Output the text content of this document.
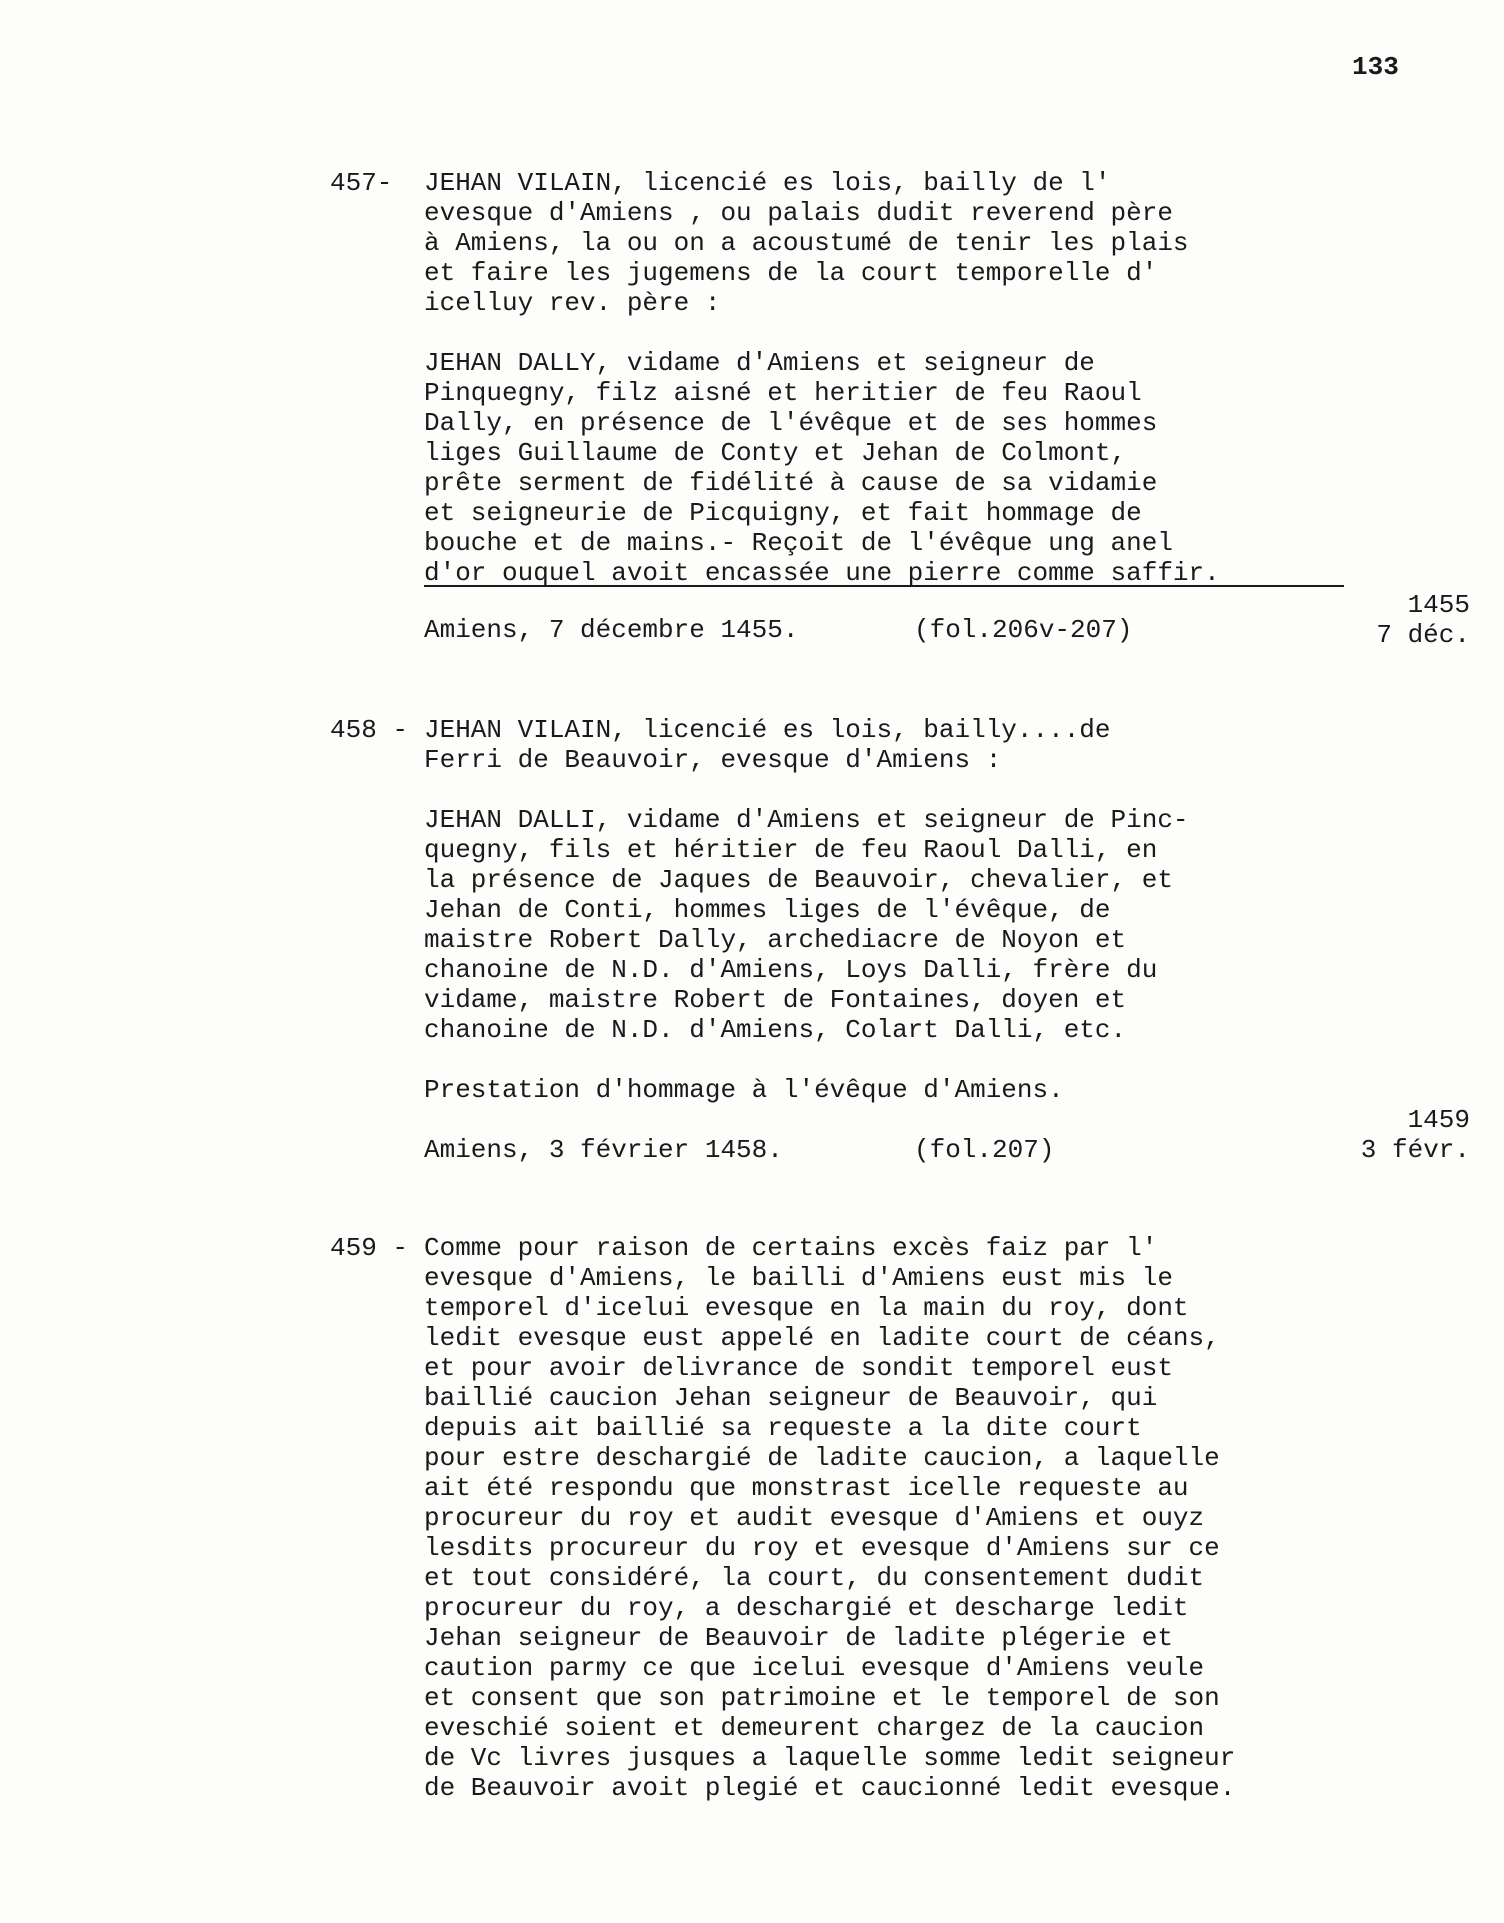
133
457- JEHAN VILAIN, licencié es lois, bailly de l'
evesque d'Amiens , ou palais dudit reverend père
à Amiens, la ou on a acoustumé de tenir les plais
et faire les jugemens de la court temporelle d'
icelluy rev. père :
JEHAN DALLY, vidame d'Amiens et seigneur de
Pinquegny, filz aisné et heritier de feu Raoul
Dally, en présence de l'évêque et de ses hommes
liges Guillaume de Conty et Jehan de Colmont,
prête serment de fidélité à cause de sa vidamie
et seigneurie de Picquigny, et fait hommage de
bouche et de mains.- Reçoit de l'évêque ung anel
d'or ouquel avoit encassée une pierre comme saffir.
Amiens, 7 décembre 1455.	(fol.206v-207)
1455
7 déc.
458 - JEHAN VILAIN, licencié es lois, bailly....de
Ferri de Beauvoir, evesque d'Amiens :
JEHAN DALLI, vidame d'Amiens et seigneur de Pinc-
quegny, fils et héritier de feu Raoul Dalli, en
la présence de Jaques de Beauvoir, chevalier, et
Jehan de Conti, hommes liges de l'évêque, de
maistre Robert Dally, archediacre de Noyon et
chanoine de N.D. d'Amiens, Loys Dalli, frère du
vidame, maistre Robert de Fontaines, doyen et
chanoine de N.D. d'Amiens, Colart Dalli, etc.
Prestation d'hommage à l'évêque d'Amiens.
Amiens, 3 février 1458.	(fol.207)
1459
3 févr.
459 - Comme pour raison de certains excès faiz par l'
evesque d'Amiens, le bailli d'Amiens eust mis le
temporel d'icelui evesque en la main du roy, dont
ledit evesque eust appelé en ladite court de céans,
et pour avoir delivrance de sondit temporel eust
baillié caucion Jehan seigneur de Beauvoir, qui
depuis ait baillié sa requeste a la dite court
pour estre deschargié de ladite caucion, a laquelle
ait été respondu que monstrast icelle requeste au
procureur du roy et audit evesque d'Amiens et ouyz
lesdits procureur du roy et evesque d'Amiens sur ce
et tout considéré, la court, du consentement dudit
procureur du roy, a deschargié et descharge ledit
Jehan seigneur de Beauvoir de ladite plégerie et
caution parmy ce que icelui evesque d'Amiens veule
et consent que son patrimoine et le temporel de son
eveschié soient et demeurent chargez de la caucion
de Vc livres jusques a laquelle somme ledit seigneur
de Beauvoir avoit plegié et caucionné ledit evesque.
